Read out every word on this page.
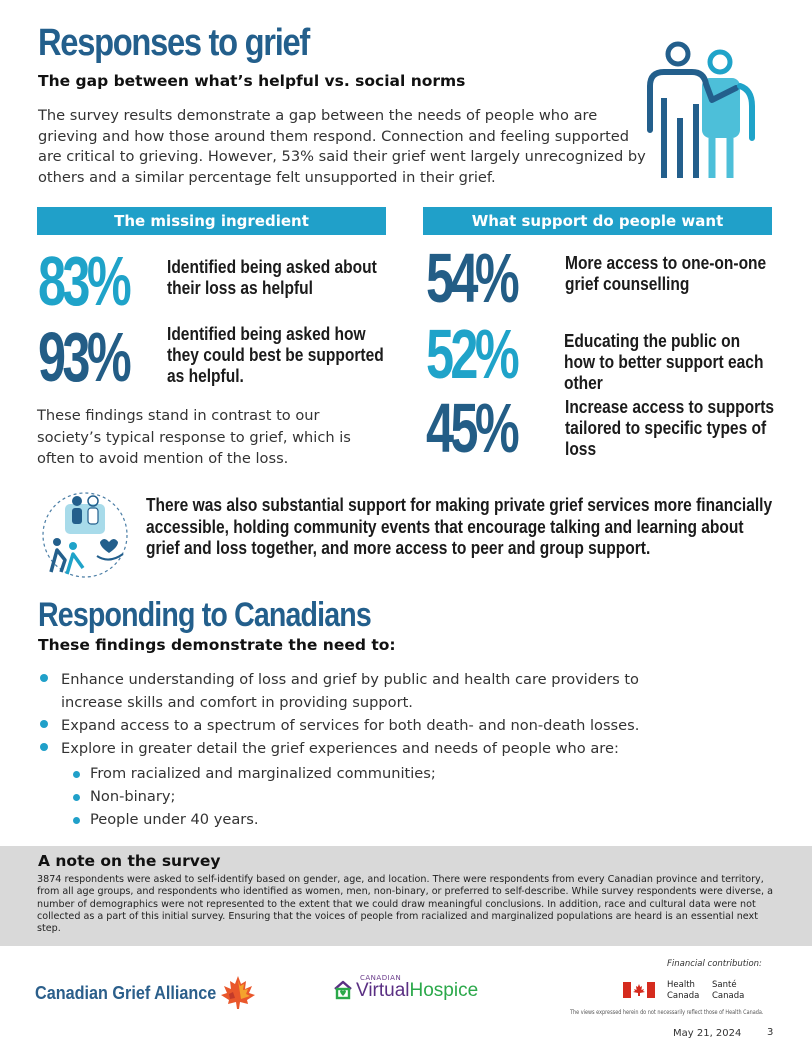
Responses to grief
The gap between what’s helpful vs. social norms

The survey results demonstrate a gap between the needs of people who are grieving and how those around them respond. Connection and feeling supported are critical to grieving. However, 53% said their grief went largely unrecognized by others and a similar percentage felt unsupported in their grief.

The missing ingredient	What support do people want
83% Identified being asked about their loss as helpful
93% Identified being asked how they could best be supported as helpful.

These findings stand in contrast to our society’s typical response to grief, which is often to avoid mention of the loss.

54%	More access to one-on-one grief counselling
52%	Educating the public on how to better support each other
45%	Increase access to supports tailored to specific types of loss
There was also substantial support for making private grief services more financially accessible, holding community events that encourage talking and learning about grief and loss together, and more access to peer and group support.
Responding to Canadians
These findings demonstrate the need to:
Enhance understanding of loss and grief by public and health care providers to increase skills and comfort in providing support.
Expand access to a spectrum of services for both death- and non-death losses.
Explore in greater detail the grief experiences and needs of people who are:
From racialized and marginalized communities;
Non-binary;
People under 40 years.
A note on the survey

3874 respondents were asked to self-identify based on gender, age, and location. There were respondents from every Canadian province and territory, from all age groups, and respondents who identified as women, men, non-binary, or preferred to self-describe. While survey respondents were diverse, a number of demographics were not represented to the extent that we could draw meaningful conclusions. In addition, race and cultural data were not collected as a part of this initial survey. Ensuring that the voices of people from racialized and marginalized populations are heard is an essential next step.

Canadian Grief Alliance
CANADIAN
VirtualHospice
Financial contribution:
Health
Canada
Santé
Canada
The views expressed herein do not necessarily reflect those of Health Canada.
May 21, 2024	3
